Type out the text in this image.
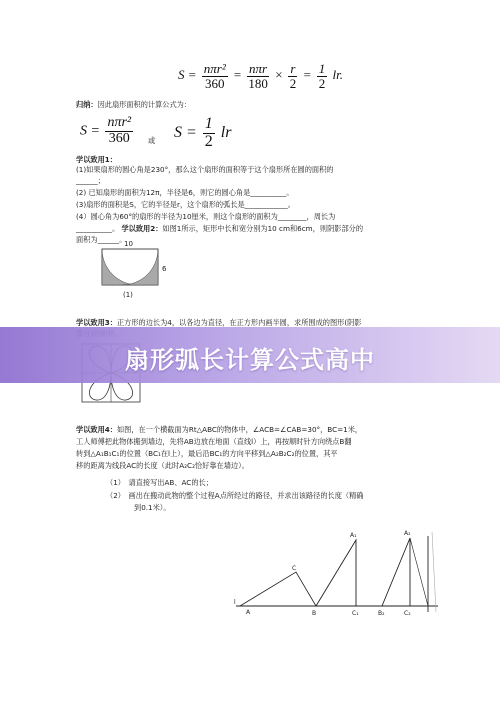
$S = \frac{\text{nπr²}}{360} = \frac{\text{nπr}}{180} \times \frac{r}{2} = \frac{1}{2}$ lr.
归纳：因此扇形面积的计算公式为：
$S = \frac{\text{nπr²}}{360}$ 或 $S = \frac{1}{2}$ lr
学以致用1：
(1)如果扇形的圆心角是230°，那么这个扇形的面积等于这个扇形所在圆的面积的
______；
(2) 已知扇形的面积为12π，半径是6，则它的圆心角是__________。
(3)扇形的面积是S，它的半径是r，这个扇形的弧长是____________。
(4）圆心角为60°的扇形的半径为10厘米，则这个扇形的面积为________，周长为
__________。 学以致用2：如图1所示，矩形中长和宽分别为10 cm和6cm，则阴影部分的
面积为______。
10
6
(1)
学以致用3：正方形的边长为4，以各边为直径，在正方形内画半圆，求所围成的图形(阴影
扇形弧长计算公式高中
学以致用4：如图，在一个横截面为Rt△ABC的物体中，∠ACB=∠CAB=30°，BC=1米，
工人师傅把此物体搬到墙边，先将AB边放在地面（直线l）上，再按顺时针方向绕点B翻
转到△A₁B₁C₁的位置（BC₁在l上），最后沿BC₁的方向平移到△A₂B₂C₂的位置，其平
移的距离为线段AC的长度（此时A₂C₂恰好靠在墙边）。
（1）　请直接写出AB、AC的长；
（2）　画出在搬动此物的整个过程A点所经过的路径，并求出该路径的长度（精确
到0.1米）。
l
A	B
A₁
C₁	B₂
A₂
C₂
C
